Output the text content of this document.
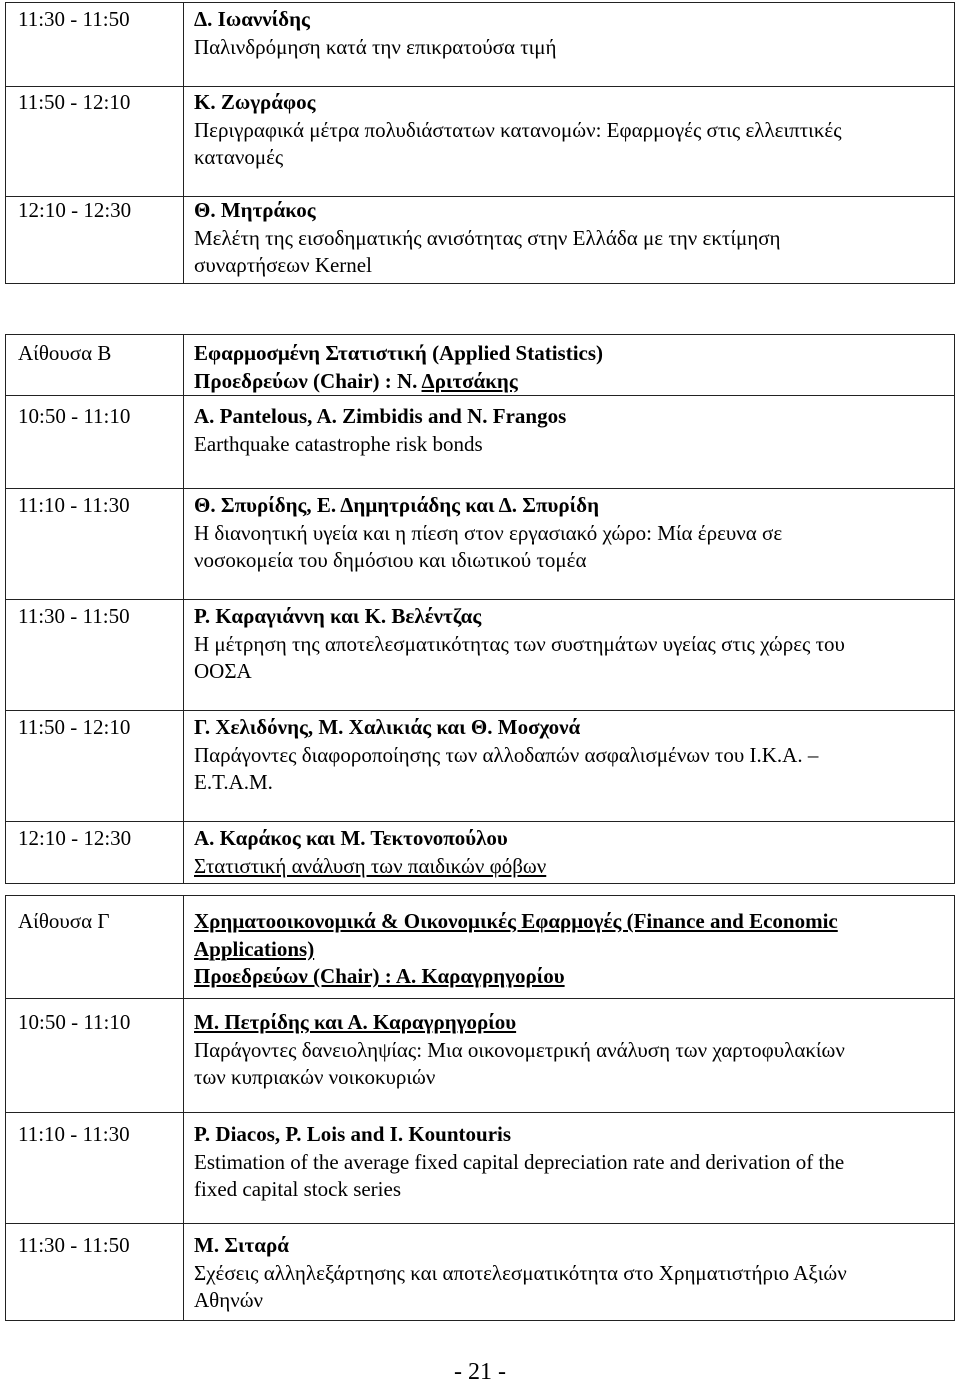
11:30 - 11:50	Δ. Ιωαννίδης
Παλινδρόμηση κατά την επικρατούσα τιμή

11:50 - 12:10	Κ. Ζωγράφος
Περιγραφικά μέτρα πολυδιάστατων κατανομών: Εφαρμογές στις ελλειπτικές
κατανομές

12:10 - 12:30	Θ. Μητράκος
Μελέτη της εισοδηματικής ανισότητας στην Ελλάδα με την εκτίμηση
συναρτήσεων Kernel
Αίθουσα Β	Εφαρμοσμένη Στατιστική (Applied Statistics)
Προεδρεύων (Chair) : Ν. Δριτσάκης

10:50 - 11:10	A. Pantelous, A. Zimbidis and N. Frangos
Earthquake catastrophe risk bonds

11:10 - 11:30	Θ. Σπυρίδης, Ε. Δημητριάδης και Δ. Σπυρίδη
Η διανοητική υγεία και η πίεση στον εργασιακό χώρο: Μία έρευνα σε
νοσοκομεία του δημόσιου και ιδιωτικού τομέα

11:30 - 11:50	Ρ. Καραγιάννη και Κ. Βελέντζας
Η μέτρηση της αποτελεσματικότητας των συστημάτων υγείας στις χώρες του
ΟΟΣΑ

11:50 - 12:10	Γ. Χελιδόνης, Μ. Χαλικιάς και Θ. Μοσχονά
Παράγοντες διαφοροποίησης των αλλοδαπών ασφαλισμένων του Ι.Κ.Α. –
Ε.Τ.Α.Μ.

12:10 - 12:30	Α. Καράκος και Μ. Τεκτονοπούλου
Στατιστική ανάλυση των παιδικών φόβων
Αίθουσα Γ	Χρηματοοικονομικά & Οικονομικές Εφαρμογές (Finance and Economic
Applications)
Προεδρεύων (Chair) : Α. Καραγρηγορίου

10:50 - 11:10	Μ. Πετρίδης και Α. Καραγρηγορίου
Παράγοντες δανειοληψίας: Μια οικονομετρική ανάλυση των χαρτοφυλακίων
των κυπριακών νοικοκυριών

11:10 - 11:30	P. Diacos, P. Lois and I. Kountouris
Estimation of the average fixed capital depreciation rate and derivation of the
fixed capital stock series

11:30 - 11:50	Μ. Σιταρά
Σχέσεις αλληλεξάρτησης και αποτελεσματικότητα στο Χρηματιστήριο Αξιών
Αθηνών
- 21 -
